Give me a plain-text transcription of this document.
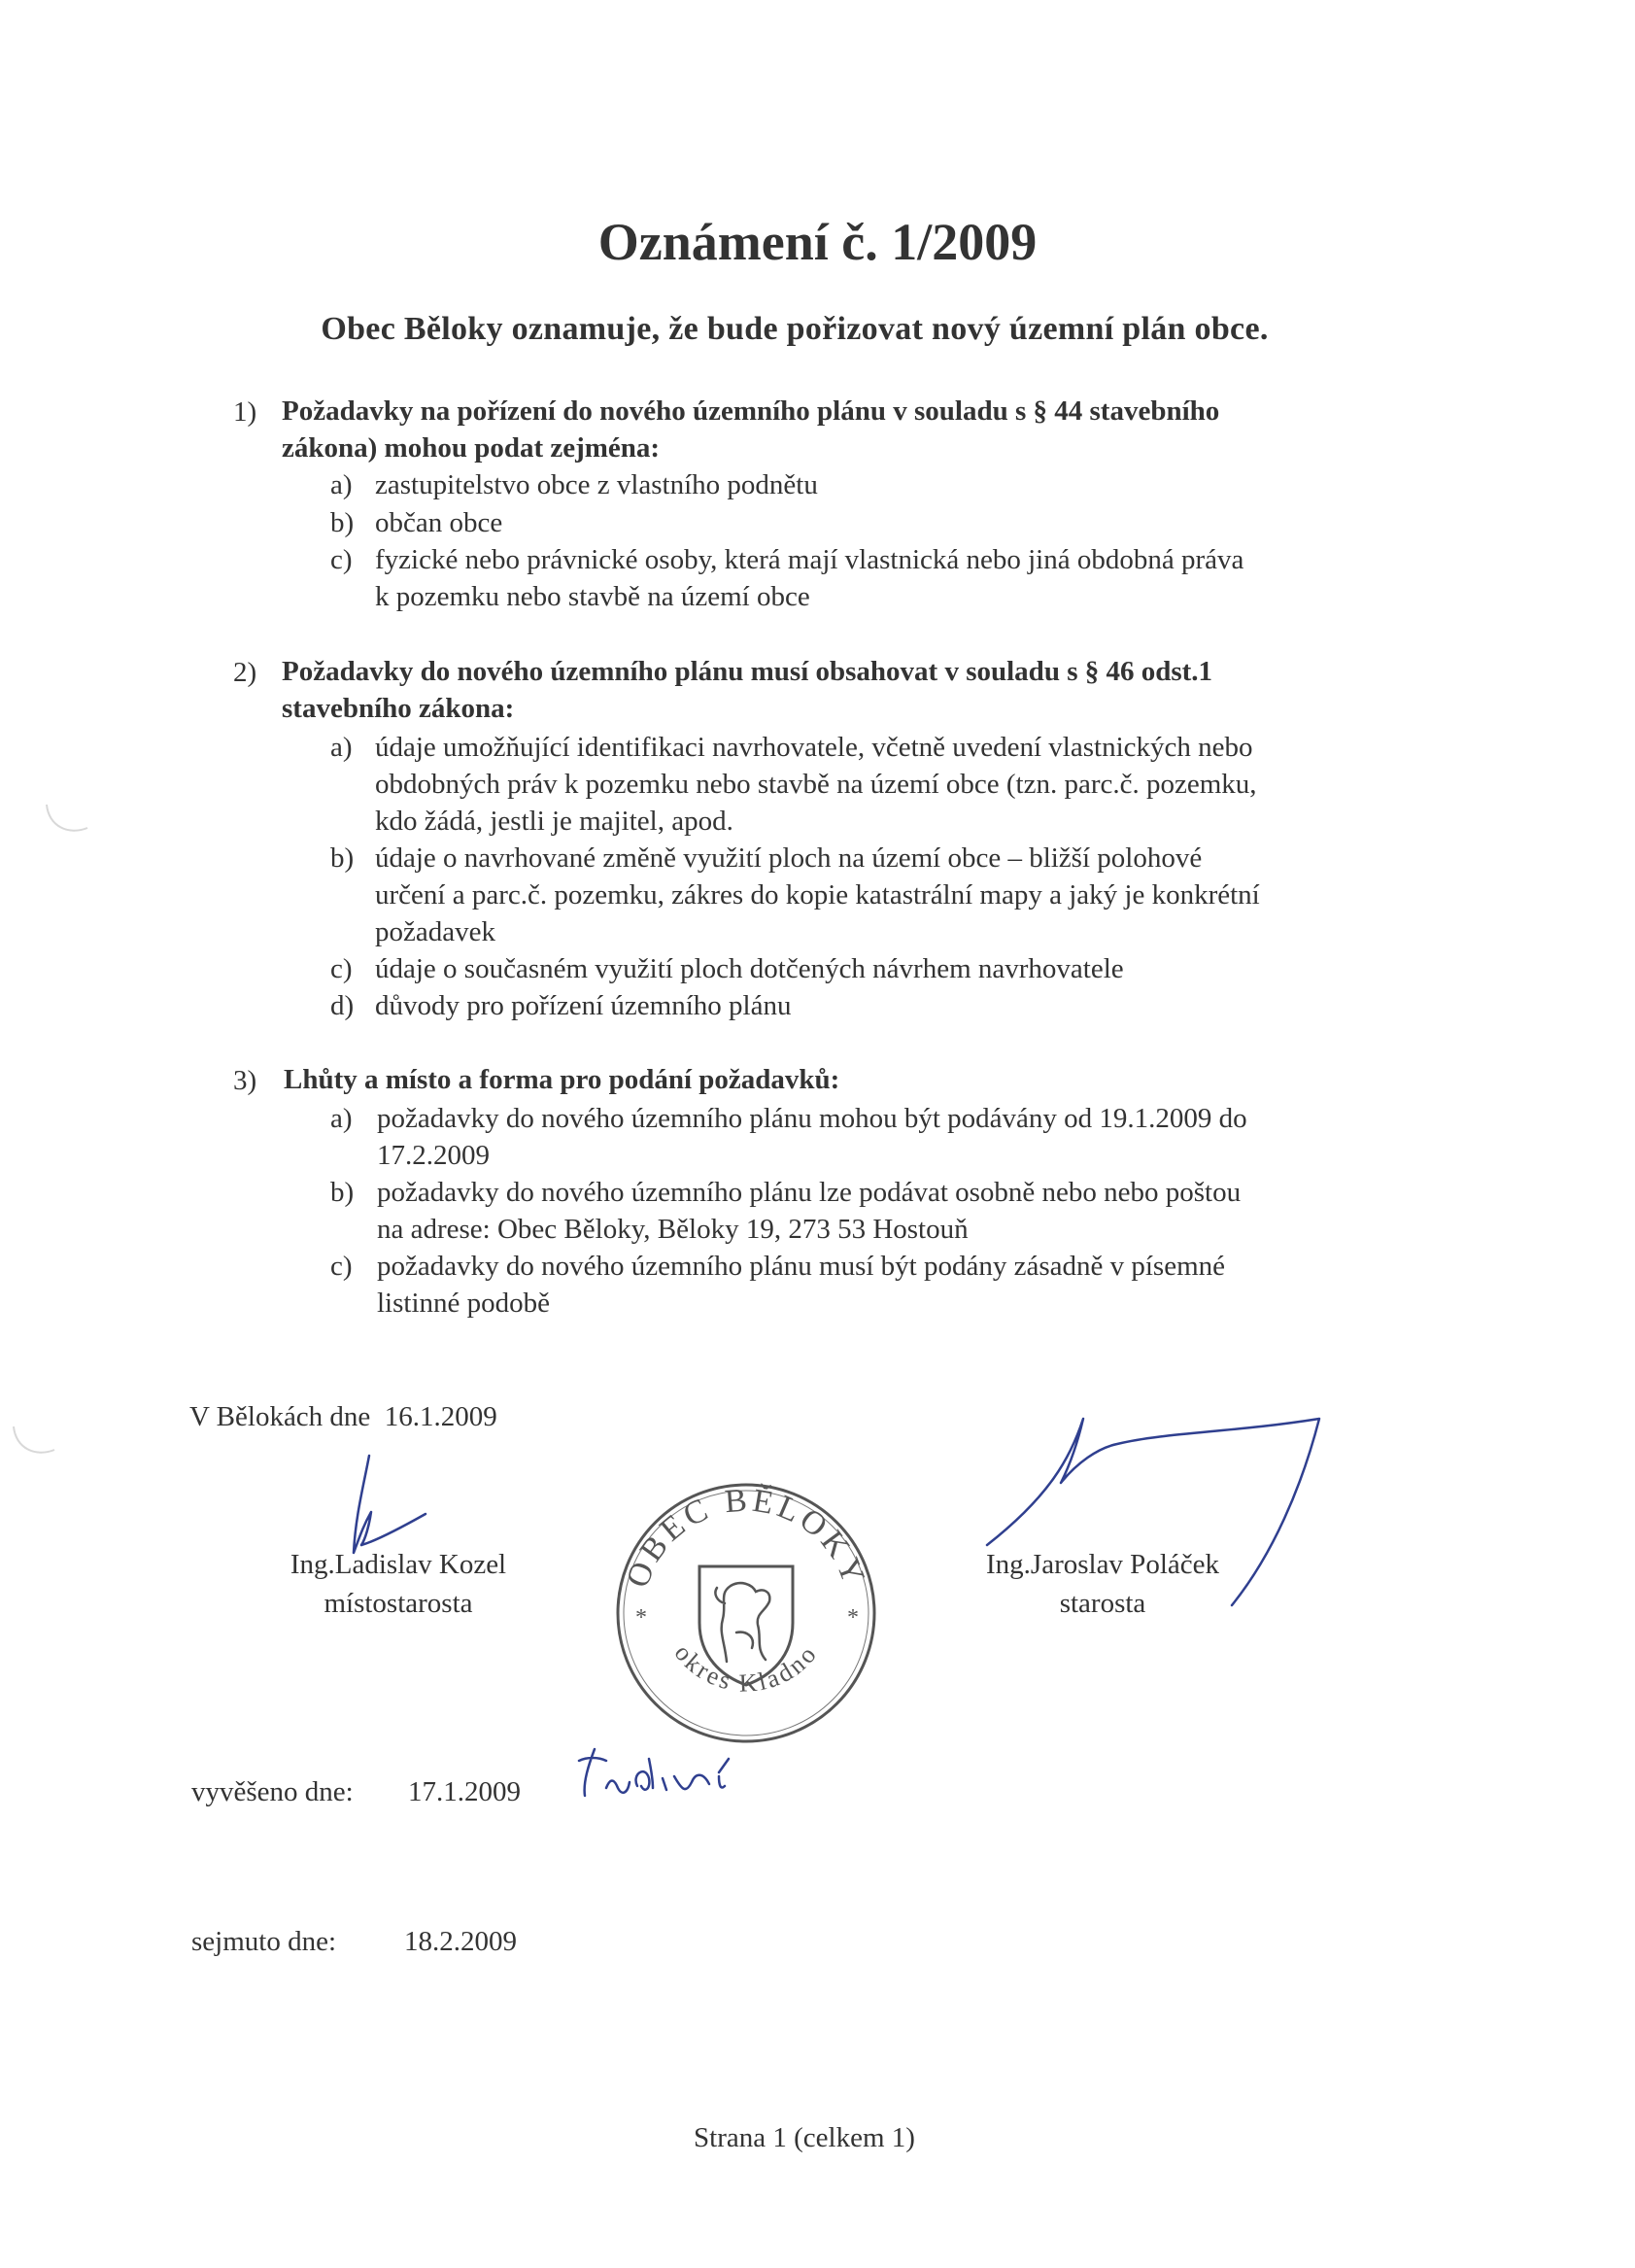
Oznámení č. 1/2009
Obec Běloky oznamuje, že bude pořizovat nový územní plán obce.
1) Požadavky na pořízení do nového územního plánu v souladu s § 44 stavebního
zákona) mohou podat zejména:
a) zastupitelstvo obce z vlastního podnětu
b) občan obce
c) fyzické nebo právnické osoby, která mají vlastnická nebo jiná obdobná práva
k pozemku nebo stavbě na území obce
2) Požadavky do nového územního plánu musí obsahovat v souladu s § 46 odst.1
stavebního zákona:
a) údaje umožňující identifikaci navrhovatele, včetně uvedení vlastnických nebo
obdobných práv k pozemku nebo stavbě na území obce (tzn. parc.č. pozemku,
kdo žádá, jestli je majitel, apod.
b) údaje o navrhované změně využití ploch na území obce – bližší polohové
určení a parc.č. pozemku, zákres do kopie katastrální mapy a jaký je konkrétní
požadavek
c) údaje o současném využití ploch dotčených návrhem navrhovatele
d) důvody pro pořízení územního plánu
3) Lhůty a místo a forma pro podání požadavků:
a) požadavky do nového územního plánu mohou být podávány od 19.1.2009 do
17.2.2009
b) požadavky do nového územního plánu lze podávat osobně nebo nebo poštou
na adrese: Obec Běloky, Běloky 19, 273 53 Hostouň
c) požadavky do nového územního plánu musí být podány zásadně v písemné
listinné podobě
V Bělokách dne  16.1.2009
Ing.Ladislav Kozel
místostarosta
Ing.Jaroslav Poláček
starosta
OBEC BĚLOKY
okres Kladno
*	*
vyvěšeno dne: 17.1.2009
sejmuto dne: 18.2.2009
Strana 1 (celkem 1)
